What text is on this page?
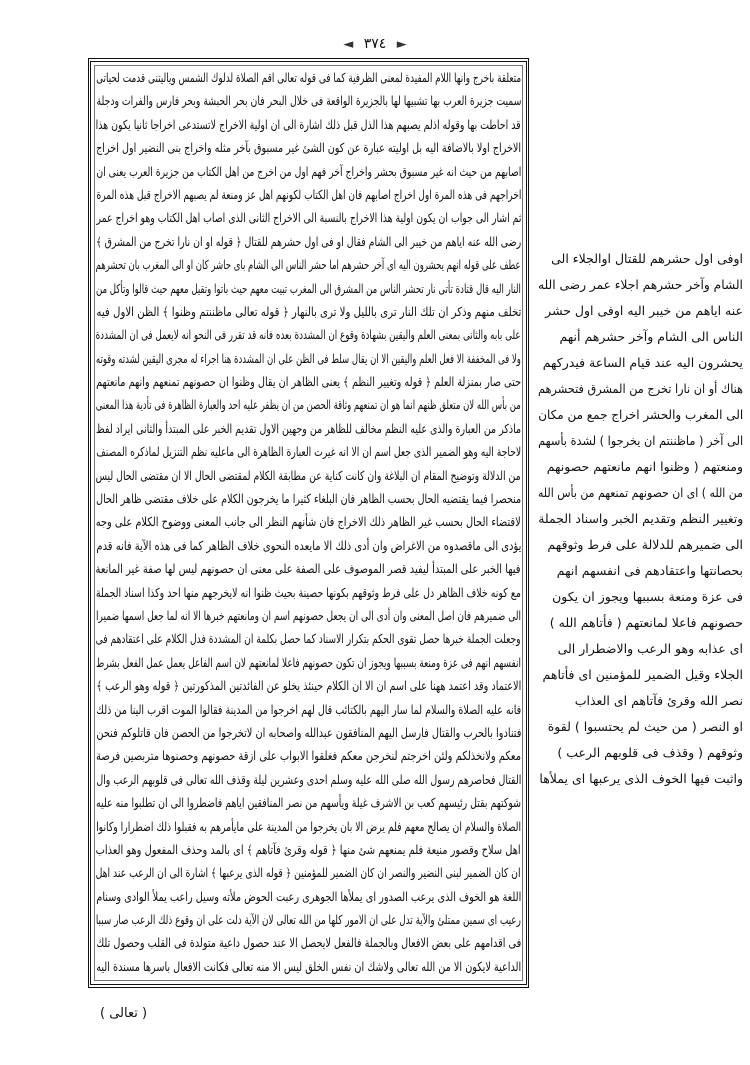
◄ ٣٧٤ ►
متعلقة باخرج وانها اللام المفيدة لمعنى الظرفية كما فى قوله تعالى اقم الصلاة لدلوك الشمس وياليتنى قدمت لحياتى
سميت جزيرة العرب بها تشبيها لها بالجزيرة الواقعة فى خلال البحر فان بحر الحبشة وبحر فارس والفرات ودجلة
قد احاطت بها وقوله اذلم يصبهم هذا الذل قبل ذلك اشارة الى ان اولية الاخراج لاتستدعى اخراجا ثانيا يكون هذا
الاخراج اولا بالاضافة اليه بل اوليته عبارة عن كون الشئ غير مسبوق بآخر مثله واخراج بنى النضير اول اخراج
اصابهم من حيث انه غير مسبوق بحشر واخراج آخر فهم اول من اخرج من اهل الكتاب من جزيرة العرب يعنى ان
اخراجهم فى هذه المرة اول اخراج اصابهم فان اهل الكتاب لكونهم اهل عز ومنعة لم يصبهم الاخراج قبل هذه المرة
ثم اشار الى جواب ان يكون اولية هذا الاخراج بالنسبة الى الاخراج الثانى الذى اصاب اهل الكتاب وهو اخراج عمر
رضى الله عنه اياهم من خيبر الى الشام فقال او فى اول حشرهم للقتال ﴿ قوله او ان نارا تخرج من المشرق ﴾
عطف على قوله انهم يحشرون اليه اى آخر حشرهم اما حشر الناس الى الشام باى حاشر كان او الى المغرب بان تحشرهم
النار اليه قال قتادة تأتى نار تحشر الناس من المشرق الى المغرب تبيت معهم حيث باتوا وتقيل معهم حيث قالوا وتأكل من
تخلف منهم وذكر ان تلك النار ترى بالليل ولا ترى بالنهار ﴿ قوله تعالى ماظننتم وظنوا ﴾ الظن الاول فيه
على بابه والثانى بمعنى العلم واليقين بشهادة وقوع ان المشددة بعده فانه قد تقرر فى النحو انه لايعمل فى ان المشددة
ولا فى المخففة الا فعل العلم واليقين الا ان يقال سلط فى الظن على ان المشددة هنا اجراء له مجرى اليقين لشدته وقوته
حتى صار بمنزلة العلم ﴿ قوله وتغيير النظم ﴾ يعنى الظاهر ان يقال وظنوا ان حصونهم تمنعهم وانهم مانعتهم
من بأس الله لان متعلق ظنهم انما هو ان تمنعهم وثاقة الحصن من ان يظفر عليه احد والعبارة الظاهرة فى تأدية هذا المعنى
ماذكر من العبارة والذى عليه النظم مخالف للظاهر من وجهين الاول تقديم الخبر على المبتدأ والثانى ايراد لفظ
لاحاجة اليه وهو الضمير الذى جعل اسم ان الا انه غيرت العبارة الظاهرة الى ماعليه نظم التنزيل لماذكره المصنف
من الدلالة وتوضيح المقام ان البلاغة وان كانت كناية عن مطابقة الكلام لمقتضى الحال الا ان مقتضى الحال ليس
منحصرا فيما يقتضيه الحال بحسب الظاهر فان البلغاء كثيرا ما يخرجون الكلام على خلاف مقتضى ظاهر الحال
لاقتضاء الحال بحسب غير الظاهر ذلك الاخراج فان شأنهم النظر الى جانب المعنى ووضوح الكلام على وجه
يؤدى الى ماقصدوه من الاغراض وان أدى ذلك الا مايعده النحوى خلاف الظاهر كما فى هذه الآية فانه قدم
فيها الخبر على المبتدأ ليفيد قصر الموصوف على الصفة على معنى ان حصونهم ليس لها صفة غير المانعة
مع كونه خلاف الظاهر دل على فرط وثوقهم بكونها حصينة بحيث ظنوا انه لايخرجهم منها احد وكذا اسناد الجملة
الى ضميرهم فان اصل المعنى وان أدى الى ان يجعل حصونهم اسم ان ومانعتهم خبرها الا انه لما جعل اسمها ضميرا
وجعلت الجملة خبرها حصل تقوى الحكم بتكرار الاسناد كما حصل بكلمة ان المشددة فدل الكلام على اعتقادهم فى
انفسهم انهم فى عزة ومنعة بسببها ويجوز ان تكون حصونهم فاعلا لمانعتهم لان اسم الفاعل يعمل عمل الفعل بشرط
الاعتماد وقد اعتمد ههنا على اسم ان الا ان الكلام حينئذ يخلو عن الفائدتين المذكورتين ﴿ قوله وهو الرعب ﴾
فانه عليه الصلاة والسلام لما سار اليهم بالكتائب قال لهم اخرجوا من المدينة فقالوا الموت اقرب الينا من ذلك
فتنادوا بالحرب والقتال فارسل اليهم المنافقون عبدالله واصحابه ان لاتخرجوا من الحصن فان قاتلوكم فنحن
معكم ولانخذلكم ولئن اخرجتم لنخرجن معكم فغلقوا الابواب على ازقة حصونهم وحصنوها متربصين فرصة
القتال فحاصرهم رسول الله صلى الله عليه وسلم احدى وعشرين ليلة وقذف الله تعالى فى قلوبهم الرعب وال
شوكتهم بقتل رئيسهم كعب بن الاشرف غيلة ويأسهم من نصر المنافقين اياهم فاضطروا الى ان تطلبوا منه عليه
الصلاة والسلام ان يصالح معهم فلم يرض الا بان يخرجوا من المدينة على مايأمرهم به فقبلوا ذلك اضطرارا وكانوا
اهل سلاح وقصور منيعة فلم يمنعهم شئ منها ﴿ قوله وقرئ فآتاهم ﴾ اى بالمد وحذف المفعول وهو العذاب
ان كان الضمير لبنى النضير والنصر ان كان الضمير للمؤمنين ﴿ قوله الذى يرعبها ﴾ اشارة الى ان الرعب عند اهل
اللغة هو الخوف الذى يرعب الصدور اى يملأها الجوهرى رعبت الحوض ملأته وسيل راعب يملأ الوادى وسنام
رعيب اى سمين ممتلئ والآية تدل على ان الامور كلها من الله تعالى لان الآية دلت على ان وقوع ذلك الرعب صار سببا
فى اقدامهم على بعض الافعال وبالجملة فالفعل لايحصل الا عند حصول داعية متولدة فى القلب وحصول تلك
الداعية لايكون الا من الله تعالى ولاشك ان نفس الخلق ليس الا منه تعالى فكانت الافعال باسرها مسندة اليه
اوفى اول حشرهم للقتال اوالجلاء الى
الشام وآخر حشرهم اجلاء عمر رضى الله
عنه اياهم من خيبر اليه اوفى اول حشر
الناس الى الشام وآخر حشرهم أنهم
يحشرون اليه عند قيام الساعة فيدركهم
هناك أو ان نارا تخرج من المشرق فتحشرهم
الى المغرب والحشر اخراج جمع من مكان
الى آخر ( ماظننتم ان يخرجوا ) لشدة بأسهم
ومنعتهم ( وظنوا انهم مانعتهم حصونهم
من الله ) اى ان حصونهم تمنعهم من بأس الله
وتغيير النظم وتقديم الخبر واسناد الجملة
الى ضميرهم للدلالة على فرط وثوقهم
بحصانتها واعتقادهم فى انفسهم انهم
فى عزة ومنعة بسببها ويجوز ان يكون
حصونهم فاعلا لمانعتهم ( فأتاهم الله )
اى عذابه وهو الرعب والاضطرار الى
الجلاء وقيل الضمير للمؤمنين اى فأتاهم
نصر الله وقرئ فآتاهم اى العذاب
او النصر ( من حيث لم يحتسبوا ) لقوة
وثوقهم ( وقذف فى قلوبهم الرعب )
واثبت فيها الخوف الذى يرعبها اى يملأها
( تعالى )
